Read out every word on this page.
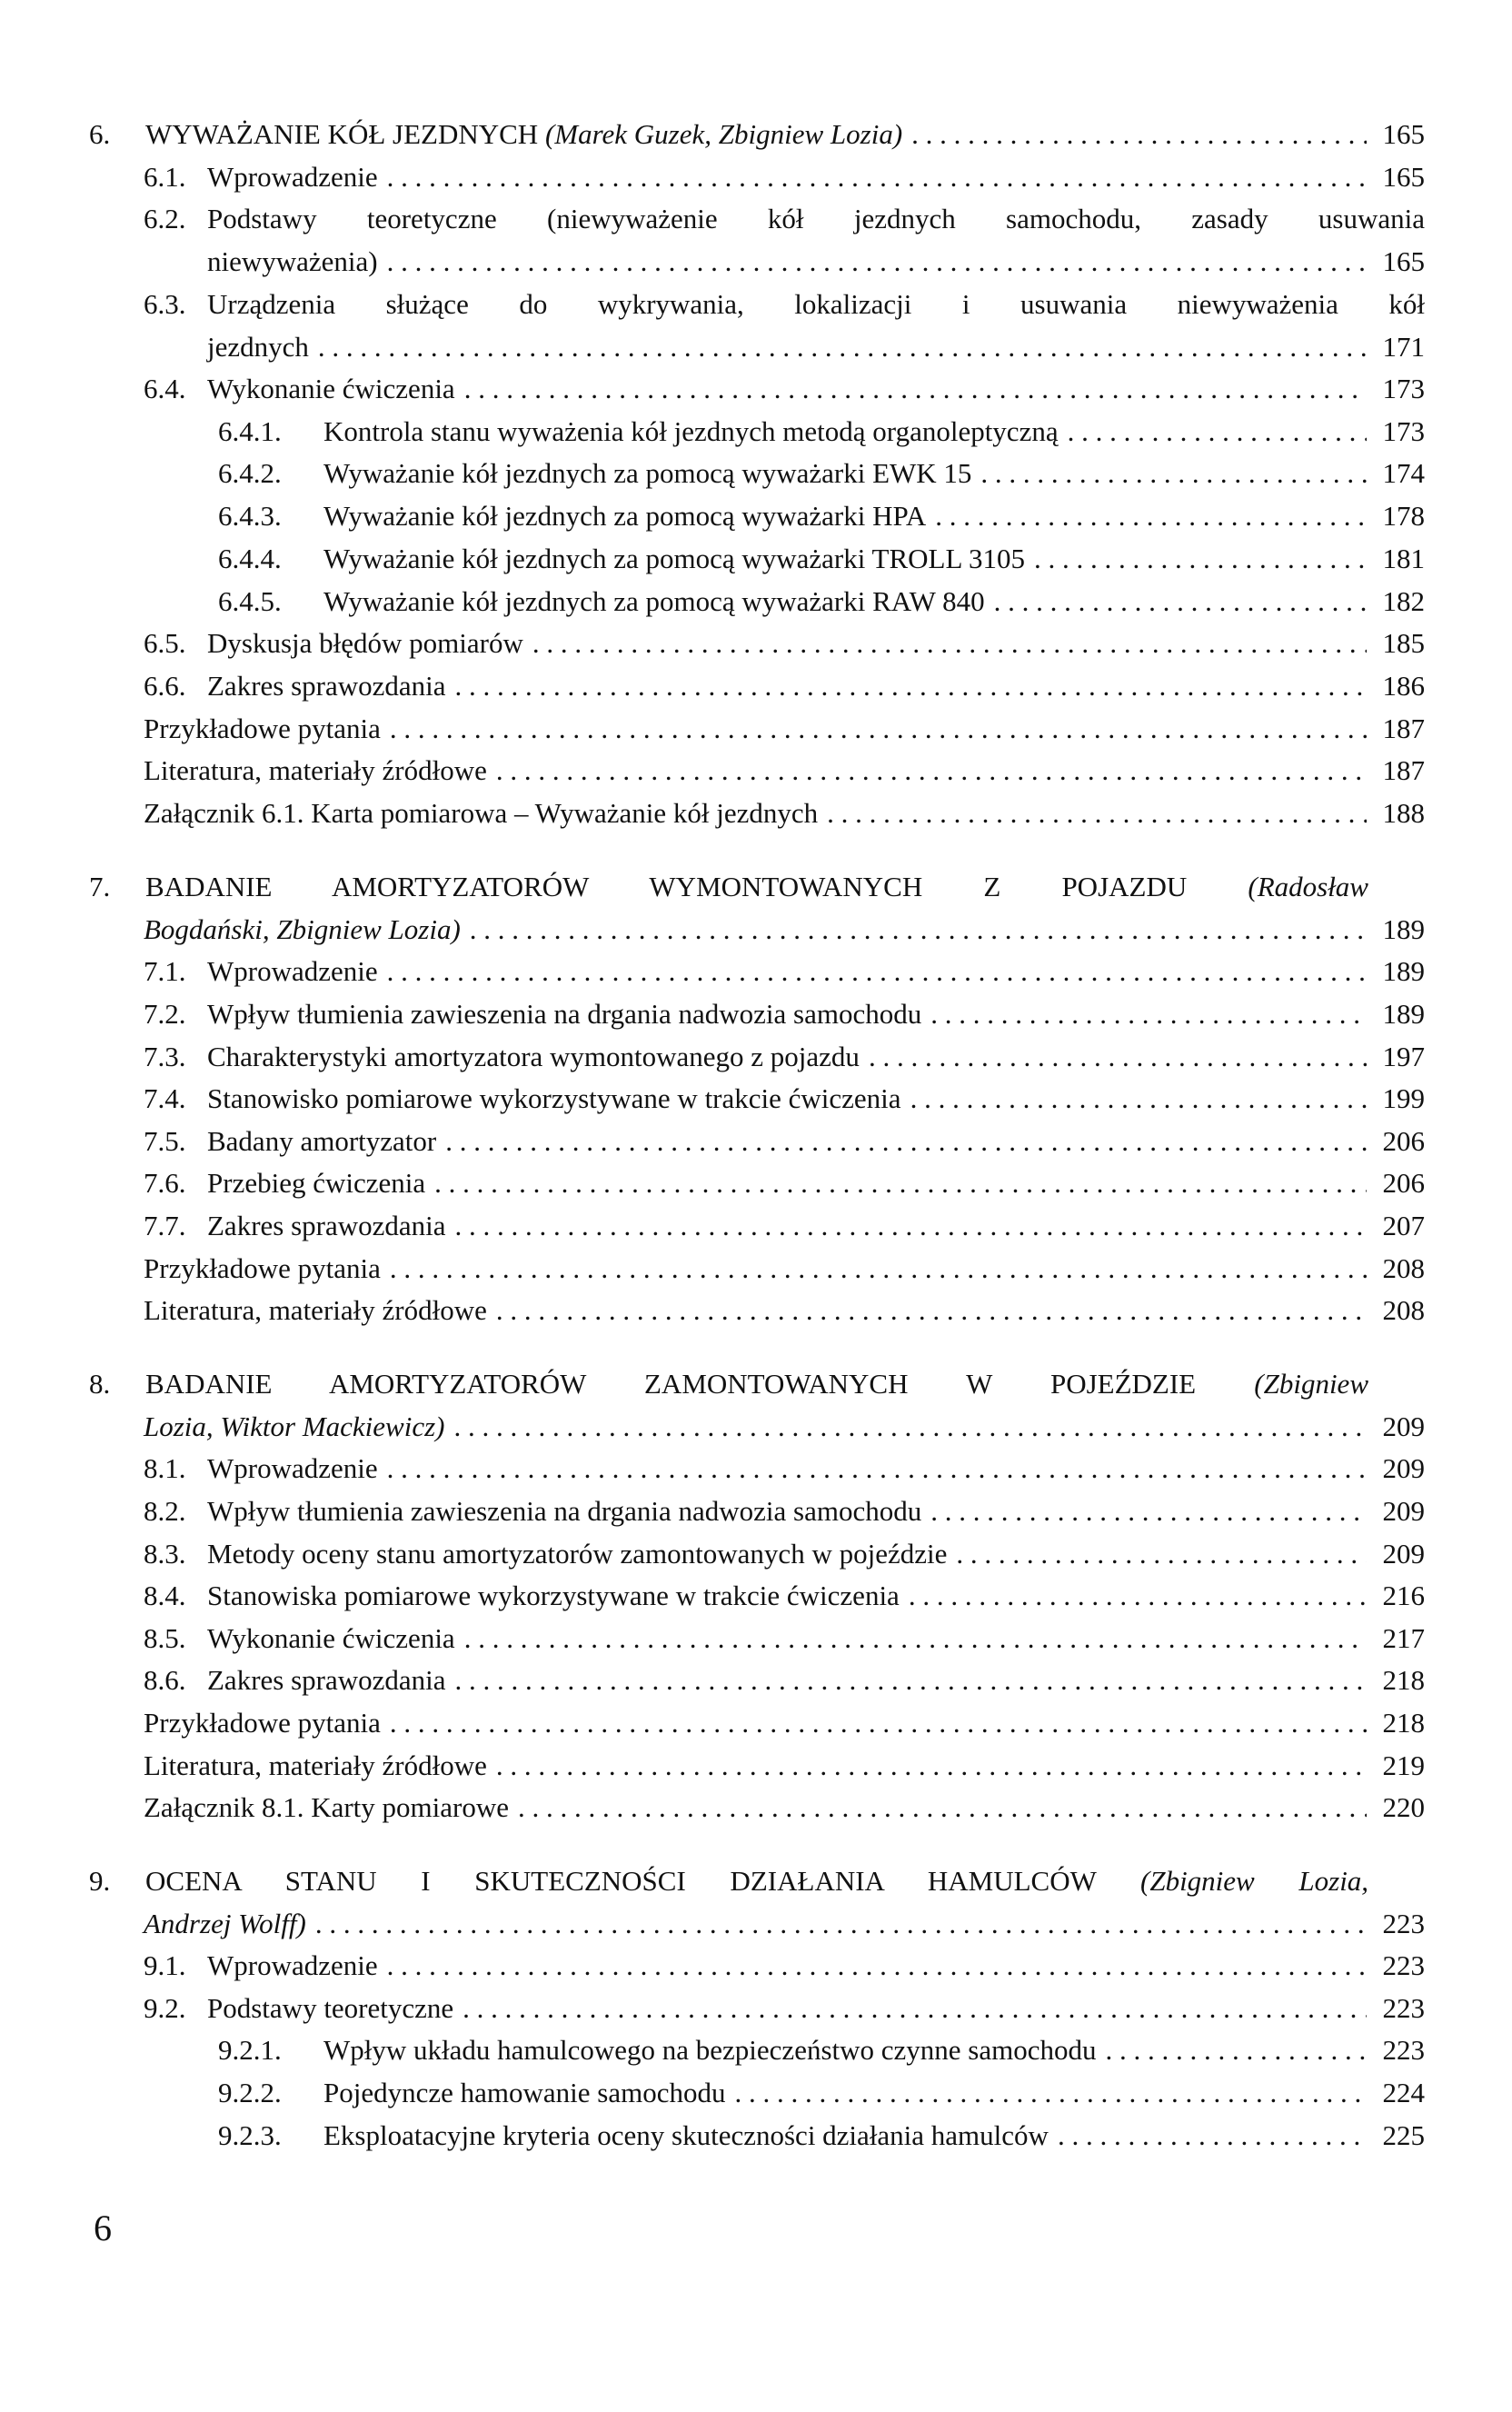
6. WYWAŻANIE KÓŁ JEZDNYCH (Marek Guzek, Zbigniew Lozia) . . .	165
6.1. Wprowadzenie . . .	165
6.2. Podstawy teoretyczne (niewyważenie kół jezdnych samochodu, zasady usuwania
niewyważenia) . . .	165
6.3. Urządzenia służące do wykrywania, lokalizacji i usuwania niewyważenia kół
jezdnych . . .	171
6.4. Wykonanie ćwiczenia . . .	173
6.4.1. Kontrola stanu wyważenia kół jezdnych metodą organoleptyczną . . .	173
6.4.2. Wyważanie kół jezdnych za pomocą wyważarki EWK 15 . . .	174
6.4.3. Wyważanie kół jezdnych za pomocą wyważarki HPA . . .	178
6.4.4. Wyważanie kół jezdnych za pomocą wyważarki TROLL 3105 . . .	181
6.4.5. Wyważanie kół jezdnych za pomocą wyważarki RAW 840 . . .	182
6.5. Dyskusja błędów pomiarów . . .	185
6.6. Zakres sprawozdania . . .	186
Przykładowe pytania . . .	187
Literatura, materiały źródłowe . . .	187
Załącznik 6.1. Karta pomiarowa – Wyważanie kół jezdnych . . .	188
7. BADANIE AMORTYZATORÓW WYMONTOWANYCH Z POJAZDU (Radosław
Bogdański, Zbigniew Lozia) . . .	189
7.1. Wprowadzenie . . .	189
7.2. Wpływ tłumienia zawieszenia na drgania nadwozia samochodu . . .	189
7.3. Charakterystyki amortyzatora wymontowanego z pojazdu . . .	197
7.4. Stanowisko pomiarowe wykorzystywane w trakcie ćwiczenia . . .	199
7.5. Badany amortyzator . . .	206
7.6. Przebieg ćwiczenia . . .	206
7.7. Zakres sprawozdania . . .	207
Przykładowe pytania . . .	208
Literatura, materiały źródłowe . . .	208
8. BADANIE AMORTYZATORÓW ZAMONTOWANYCH W POJEŹDZIE (Zbigniew
Lozia, Wiktor Mackiewicz) . . .	209
8.1. Wprowadzenie . . .	209
8.2. Wpływ tłumienia zawieszenia na drgania nadwozia samochodu . . .	209
8.3. Metody oceny stanu amortyzatorów zamontowanych w pojeździe . . .	209
8.4. Stanowiska pomiarowe wykorzystywane w trakcie ćwiczenia . . .	216
8.5. Wykonanie ćwiczenia . . .	217
8.6. Zakres sprawozdania . . .	218
Przykładowe pytania . . .	218
Literatura, materiały źródłowe . . .	219
Załącznik 8.1. Karty pomiarowe . . .	220
9. OCENA STANU I SKUTECZNOŚCI DZIAŁANIA HAMULCÓW (Zbigniew Lozia,
Andrzej Wolff) . . .	223
9.1. Wprowadzenie . . .	223
9.2. Podstawy teoretyczne . . .	223
9.2.1. Wpływ układu hamulcowego na bezpieczeństwo czynne samochodu . . .	223
9.2.2. Pojedyncze hamowanie samochodu . . .	224
9.2.3. Eksploatacyjne kryteria oceny skuteczności działania hamulców . . .	225
6
